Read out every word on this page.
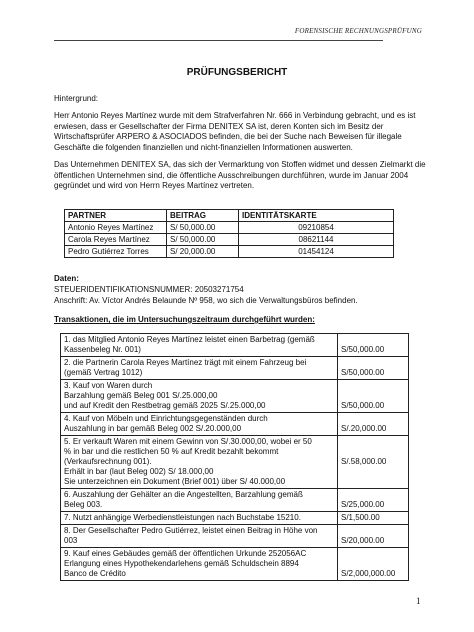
FORENSISCHE RECHNUNGSPRÜFUNG
PRÜFUNGSBERICHT
Hintergrund:
Herr Antonio Reyes Martínez wurde mit dem Strafverfahren Nr. 666 in Verbindung gebracht, und es ist erwiesen, dass er Gesellschafter der Firma DENITEX SA ist, deren Konten sich im Besitz der Wirtschaftsprüfer ARPERO & ASOCIADOS befinden, die bei der Suche nach Beweisen für illegale Geschäfte die folgenden finanziellen und nicht-finanziellen Informationen auswerten.
Das Unternehmen DENITEX SA, das sich der Vermarktung von Stoffen widmet und dessen Zielmarkt die öffentlichen Unternehmen sind, die öffentliche Ausschreibungen durchführen, wurde im Januar 2004 gegründet und wird von Herrn Reyes Martínez vertreten.
PARTNER	BEITRAG	IDENTITÄTSKARTE
Antonio Reyes Martínez	S/ 50,000.00	09210854
Carola Reyes Martínez	S/ 50,000.00	08621144
Pedro Gutiérrez Torres	S/ 20,000.00	01454124
Daten:
STEUERIDENTIFIKATIONSNUMMER: 20503271754
Anschrift: Av. Víctor Andrés Belaunde Nº 958, wo sich die Verwaltungsbüros befinden.
Transaktionen, die im Untersuchungszeitraum durchgeführt wurden:
1. das Mitglied Antonio Reyes Martínez leistet einen Barbetrag (gemäß
Kassenbeleg Nr. 001)	S/50,000.00

2. die Partnerin Carola Reyes Martínez trägt mit einem Fahrzeug bei
(gemäß Vertrag 1012)	S/50,000.00

3. Kauf von Waren durch
Barzahlung gemäß Beleg 001 S/.25.000,00
und auf Kredit den Restbetrag gemäß 2025 S/.25.000,00	S/50,000.00

4. Kauf von Möbeln und Einrichtungsgegenständen durch
Auszahlung in bar gemäß Beleg 002 S/.20.000,00	S/.20,000.00

5. Er verkauft Waren mit einem Gewinn von S/.30.000,00, wobei er 50
% in bar und die restlichen 50 % auf Kredit bezahlt bekommt
(Verkaufsrechnung 001).
Erhält in bar (laut Beleg 002) S/ 18.000,00
Sie unterzeichnen ein Dokument (Brief 001) über S/ 40.000,00	S/.58,000.00

6. Auszahlung der Gehälter an die Angestellten, Barzahlung gemäß
Beleg 003.	S/25,000.00

7. Nutzt anhängige Werbedienstleistungen nach Buchstabe 15210.	S/1,500.00

8. Der Gesellschafter Pedro Gutiérrez, leistet einen Beitrag in Höhe von
003	S/20,000.00

9. Kauf eines Gebäudes gemäß der öffentlichen Urkunde 252056AC
Erlangung eines Hypothekendarlehens gemäß Schuldschein 8894
Banco de Crédito	S/2,000,000.00
1
